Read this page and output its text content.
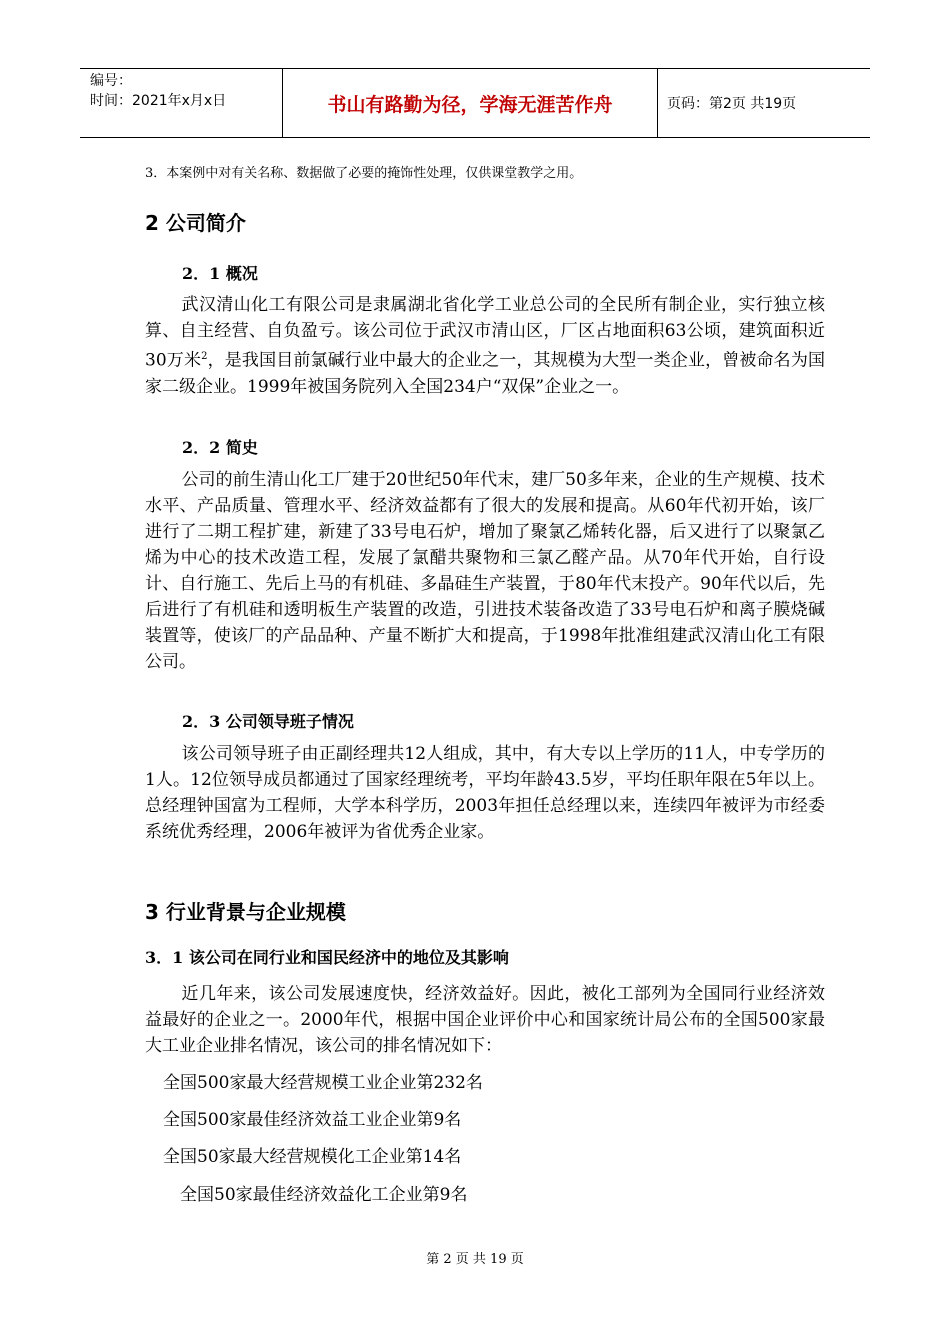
编号：
时间：2021年x月x日	书山有路勤为径，学海无涯苦作舟	页码：第2页 共19页
3．本案例中对有关名称、数据做了必要的掩饰性处理，仅供课堂教学之用。
2 公司简介
2．1 概况
武汉清山化工有限公司是隶属湖北省化学工业总公司的全民所有制企业，实行独立核算、自主经营、自负盈亏。该公司位于武汉市清山区，厂区占地面积63公顷，建筑面积近30万米$^2$，是我国目前氯碱行业中最大的企业之一，其规模为大型一类企业，曾被命名为国家二级企业。1999年被国务院列入全国234户“双保”企业之一。
2．2 简史
公司的前生清山化工厂建于20世纪50年代末，建厂50多年来，企业的生产规模、技术水平、产品质量、管理水平、经济效益都有了很大的发展和提高。从60年代初开始，该厂进行了二期工程扩建，新建了33号电石炉，增加了聚氯乙烯转化器，后又进行了以聚氯乙烯为中心的技术改造工程，发展了氯醋共聚物和三氯乙醛产品。从70年代开始，自行设计、自行施工、先后上马的有机硅、多晶硅生产装置，于80年代末投产。90年代以后，先后进行了有机硅和透明板生产装置的改造，引进技术装备改造了33号电石炉和离子膜烧碱装置等，使该厂的产品品种、产量不断扩大和提高，于1998年批准组建武汉清山化工有限公司。
2．3 公司领导班子情况
该公司领导班子由正副经理共12人组成，其中，有大专以上学历的11人，中专学历的1人。12位领导成员都通过了国家经理统考，平均年龄43.5岁，平均任职年限在5年以上。总经理钟国富为工程师，大学本科学历，2003年担任总经理以来，连续四年被评为市经委系统优秀经理，2006年被评为省优秀企业家。
3 行业背景与企业规模
3．1 该公司在同行业和国民经济中的地位及其影响
近几年来，该公司发展速度快，经济效益好。因此，被化工部列为全国同行业经济效益最好的企业之一。2000年代，根据中国企业评价中心和国家统计局公布的全国500家最大工业企业排名情况，该公司的排名情况如下：
全国500家最大经营规模工业企业第232名
全国500家最佳经济效益工业企业第9名
全国50家最大经营规模化工企业第14名
全国50家最佳经济效益化工企业第9名
第 2 页 共 19 页
